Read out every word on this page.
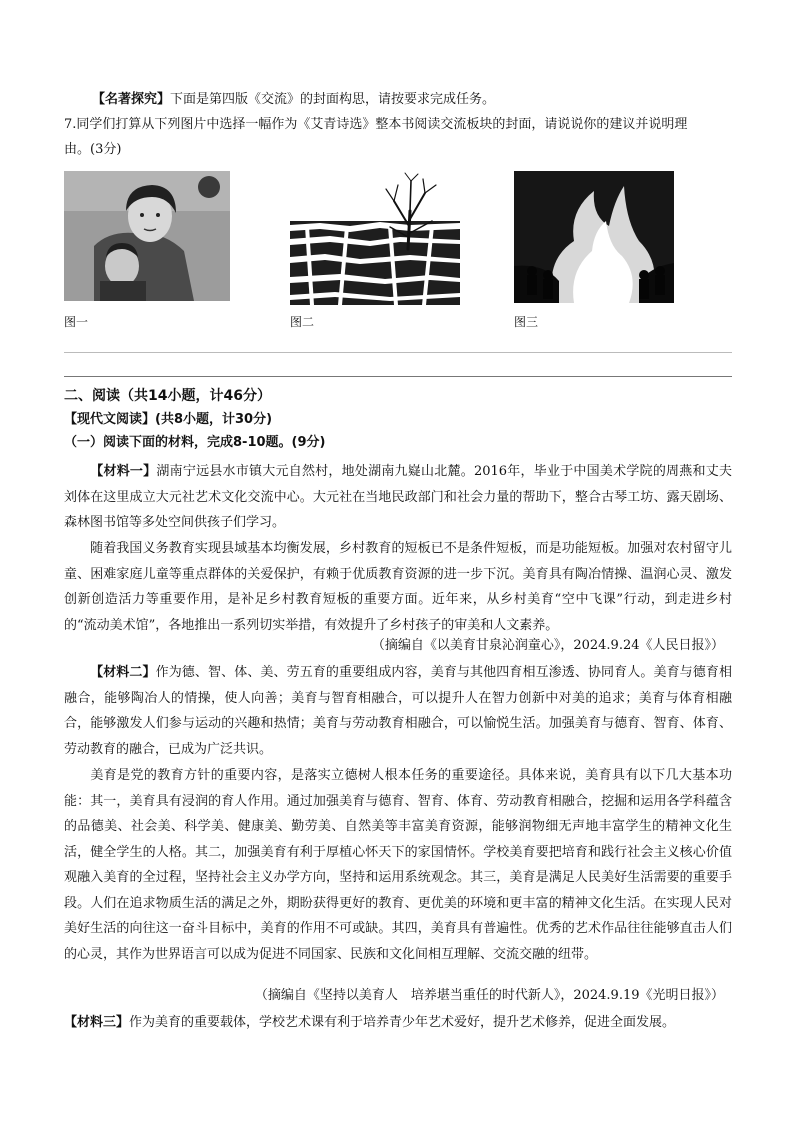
【名著探究】下面是第四版《交流》的封面构思，请按要求完成任务。
7.同学们打算从下列图片中选择一幅作为《艾青诗选》整本书阅读交流板块的封面，请说说你的建议并说明理
由。(3分)
图一	图二	图三
二、阅读（共14小题，计46分）
【现代文阅读】(共8小题，计30分)
（一）阅读下面的材料，完成8-10题。(9分)
【材料一】湖南宁远县水市镇大元自然村，地处湖南九嶷山北麓。2016年，毕业于中国美术学院的周燕和丈夫刘体在这里成立大元社艺术文化交流中心。大元社在当地民政部门和社会力量的帮助下，整合古琴工坊、露天剧场、森林图书馆等多处空间供孩子们学习。
随着我国义务教育实现县域基本均衡发展，乡村教育的短板已不是条件短板，而是功能短板。加强对农村留守儿童、困难家庭儿童等重点群体的关爱保护，有赖于优质教育资源的进一步下沉。美育具有陶冶情操、温润心灵、激发创新创造活力等重要作用，是补足乡村教育短板的重要方面。近年来，从乡村美育“空中飞课”行动，到走进乡村的“流动美术馆”，各地推出一系列切实举措，有效提升了乡村孩子的审美和人文素养。
（摘编自《以美育甘泉沁润童心》，2024.9.24《人民日报》）
【材料二】作为德、智、体、美、劳五育的重要组成内容，美育与其他四育相互渗透、协同育人。美育与德育相融合，能够陶冶人的情操，使人向善；美育与智育相融合，可以提升人在智力创新中对美的追求；美育与体育相融合，能够激发人们参与运动的兴趣和热情；美育与劳动教育相融合，可以愉悦生活。加强美育与德育、智育、体育、劳动教育的融合，已成为广泛共识。
美育是党的教育方针的重要内容，是落实立德树人根本任务的重要途径。具体来说，美育具有以下几大基本功能：其一，美育具有浸润的育人作用。通过加强美育与德育、智育、体育、劳动教育相融合，挖掘和运用各学科蕴含的品德美、社会美、科学美、健康美、勤劳美、自然美等丰富美育资源，能够润物细无声地丰富学生的精神文化生活，健全学生的人格。其二，加强美育有利于厚植心怀天下的家国情怀。学校美育要把培育和践行社会主义核心价值观融入美育的全过程，坚持社会主义办学方向，坚持和运用系统观念。其三，美育是满足人民美好生活需要的重要手段。人们在追求物质生活的满足之外，期盼获得更好的教育、更优美的环境和更丰富的精神文化生活。在实现人民对美好生活的向往这一奋斗目标中，美育的作用不可或缺。其四，美育具有普遍性。优秀的艺术作品往往能够直击人们的心灵，其作为世界语言可以成为促进不同国家、民族和文化间相互理解、交流交融的纽带。
（摘编自《坚持以美育人　培养堪当重任的时代新人》，2024.9.19《光明日报》）
【材料三】作为美育的重要载体，学校艺术课有利于培养青少年艺术爱好，提升艺术修养，促进全面发展。
